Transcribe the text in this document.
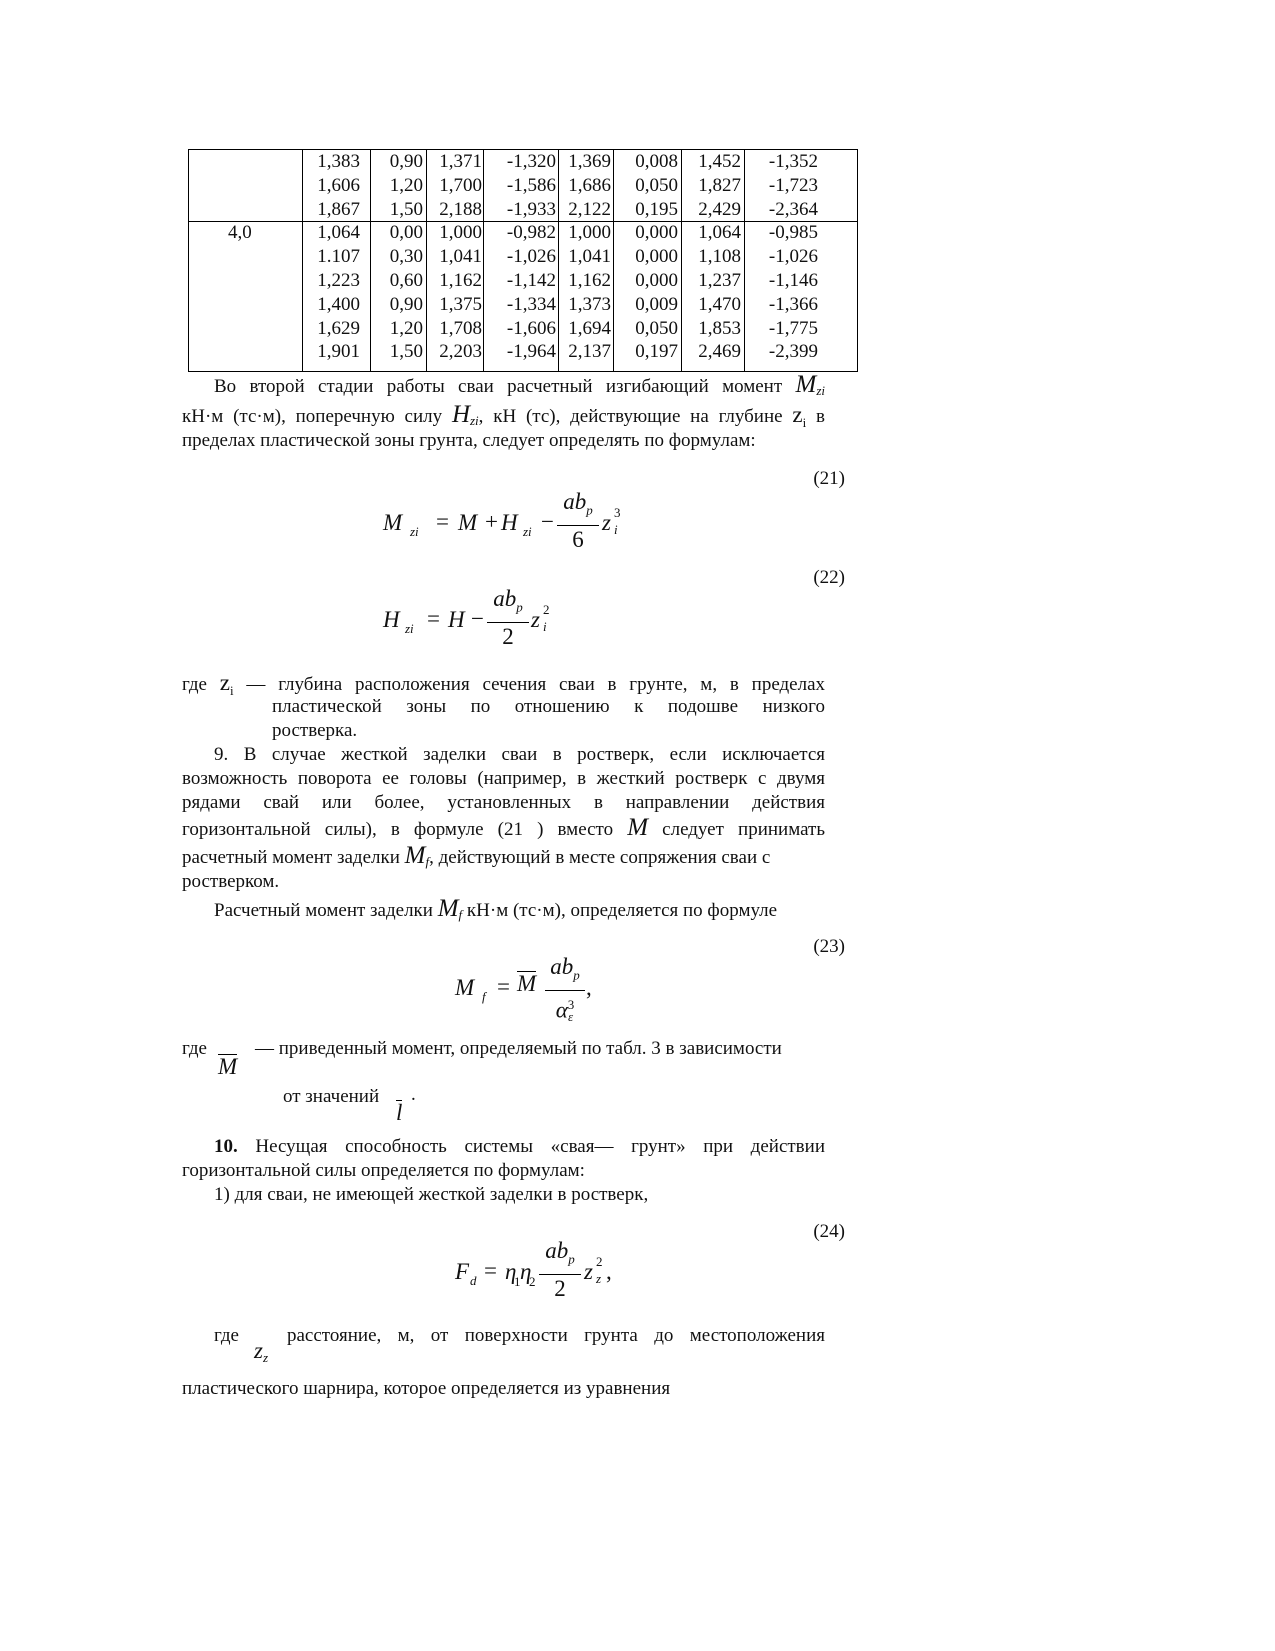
1,383 0,90 1,371 -1,320 1,369 0,008 1,452 -1,352
1,606 1,20 1,700 -1,586 1,686 0,050 1,827 -1,723
1,867 1,50 2,188 -1,933 2,122 0,195 2,429 -2,364
4,0	1,064 0,00 1,000 -0,982 1,000 0,000 1,064 -0,985
1.107 0,30 1,041 -1,026 1,041 0,000 1,108 -1,026
1,223 0,60 1,162 -1,142 1,162 0,000 1,237 -1,146
1,400 0,90 1,375 -1,334 1,373 0,009 1,470 -1,366
1,629 1,20 1,708 -1,606 1,694 0,050 1,853 -1,775
1,901 1,50 2,203 -1,964 2,137 0,197 2,469 -2,399
Во второй стадии работы сваи расчетный изгибающий момент $M_{zi}$
кН·м (тс·м), поперечную силу $H_{zi}$, кН (тс), действующие на глубине $z_i$ в
пределах пластической зоны грунта, следует определять по формулам:
(21)
M zi = M + H zi −
$ab_p$
6
z i
3
(22)
H zi = H −
$ab_p$
2
z i
2
где $z_i$ — глубина расположения сечения сваи в грунте, м, в пределах
пластической зоны по отношению к подошве низкого
ростверка.
9. В случае жесткой заделки сваи в ростверк, если исключается
возможность поворота ее головы (например, в жесткий ростверк с двумя
рядами свай или более, установленных в направлении действия
горизонтальной силы), в формуле (21 ) вместо M следует принимать
расчетный момент заделки $M_f$, действующий в месте сопряжения сваи с
ростверком.
Расчетный момент заделки $M_f$ кН·м (тс·м), определяется по формуле
(23)
M f = M
$ab_p$
$\alpha^3$
ε
,
где
M
— приведенный момент, определяемый по табл. 3 в зависимости
от значений
l
.
10. Несущая способность системы «свая— грунт» при действии
горизонтальной силы определяется по формулам:
1) для сваи, не имеющей жесткой заделки в ростверк,
(24)
F d = η
1 η
2
$ab_p$
2
z z
2 ,
где
$z_z$
расстояние, м, от поверхности грунта до местоположения
пластического шарнира, которое определяется из уравнения
